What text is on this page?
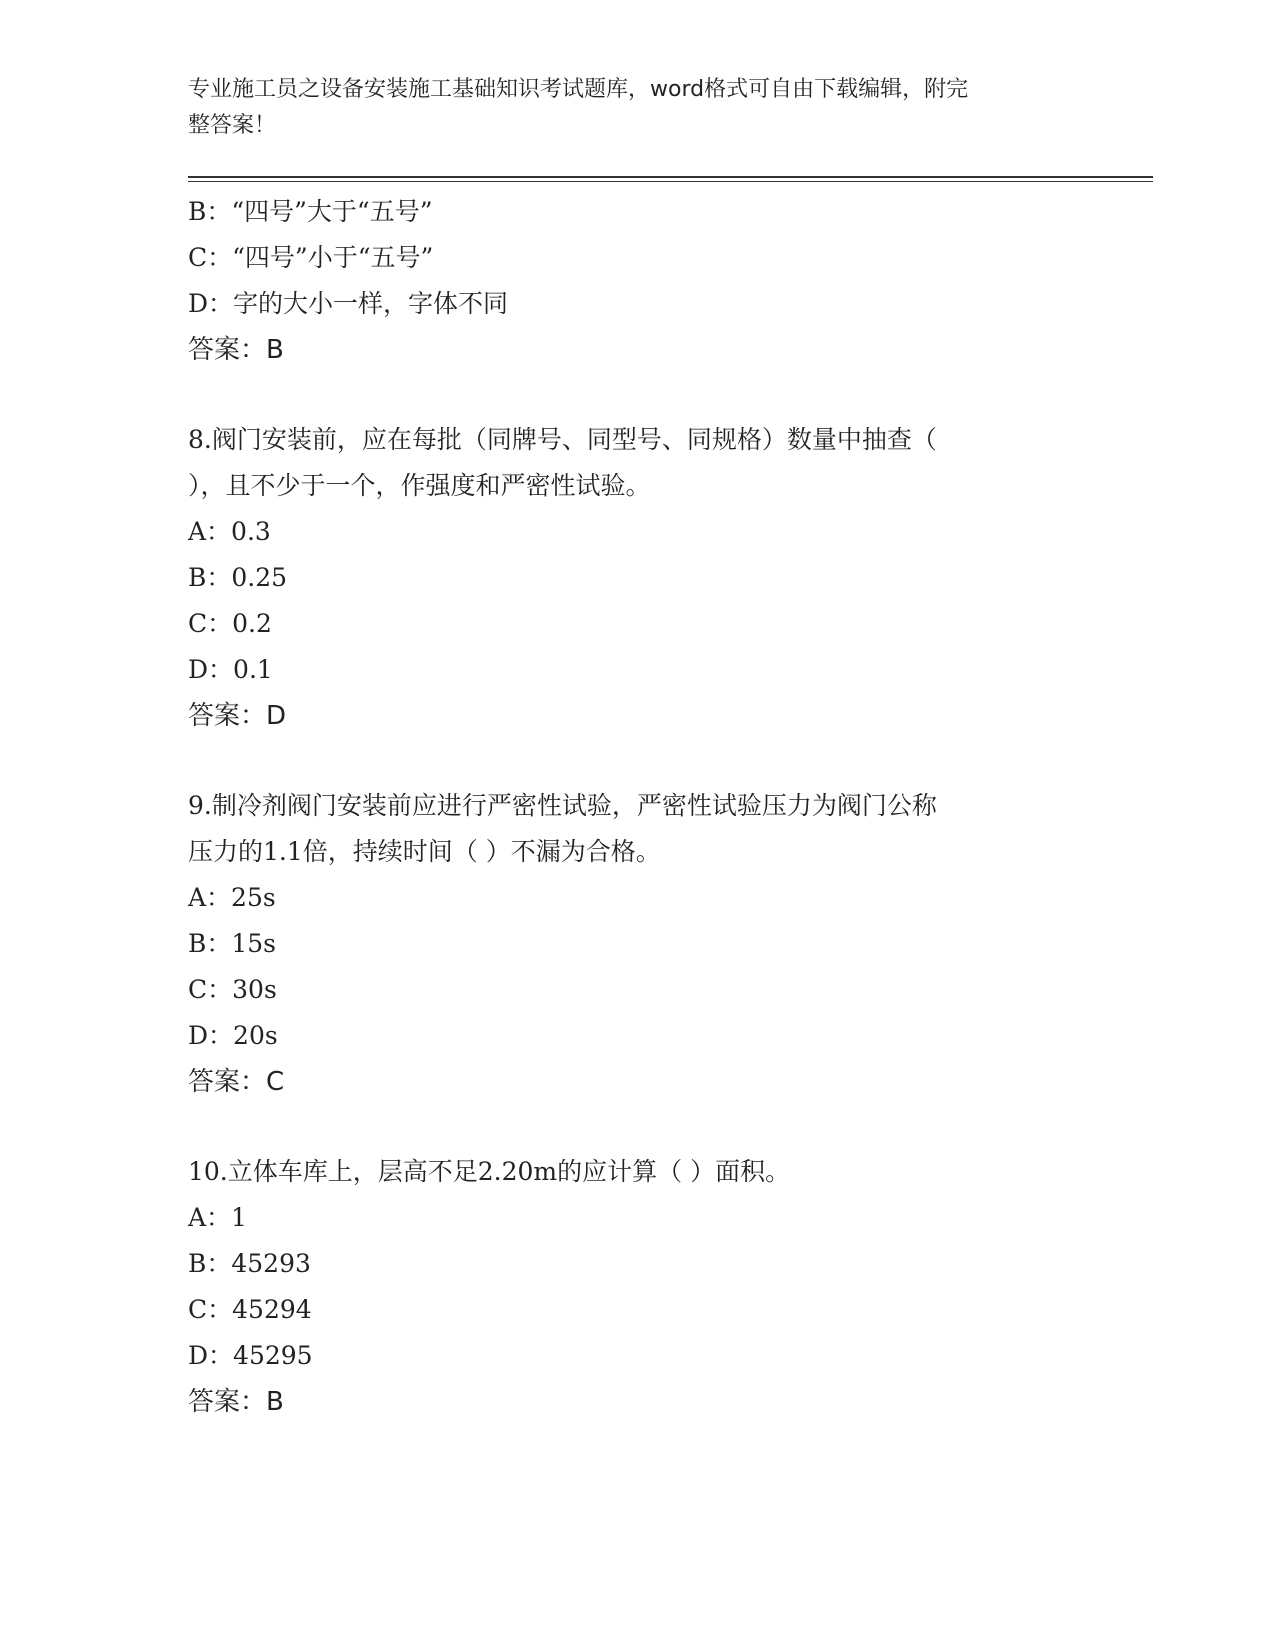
专业施工员之设备安装施工基础知识考试题库，word格式可自由下载编辑，附完
整答案！
B：“四号”大于“五号”
C：“四号”小于“五号”
D：字的大小一样，字体不同
答案：B
8.阀门安装前，应在每批（同牌号、同型号、同规格）数量中抽查（
），且不少于一个，作强度和严密性试验。
A：0.3
B：0.25
C：0.2
D：0.1
答案：D
9.制冷剂阀门安装前应进行严密性试验，严密性试验压力为阀门公称
压力的1.1倍，持续时间（ ）不漏为合格。
A：25s
B：15s
C：30s
D：20s
答案：C
10.立体车库上，层高不足2.20m的应计算（ ）面积。
A：1
B：45293
C：45294
D：45295
答案：B
